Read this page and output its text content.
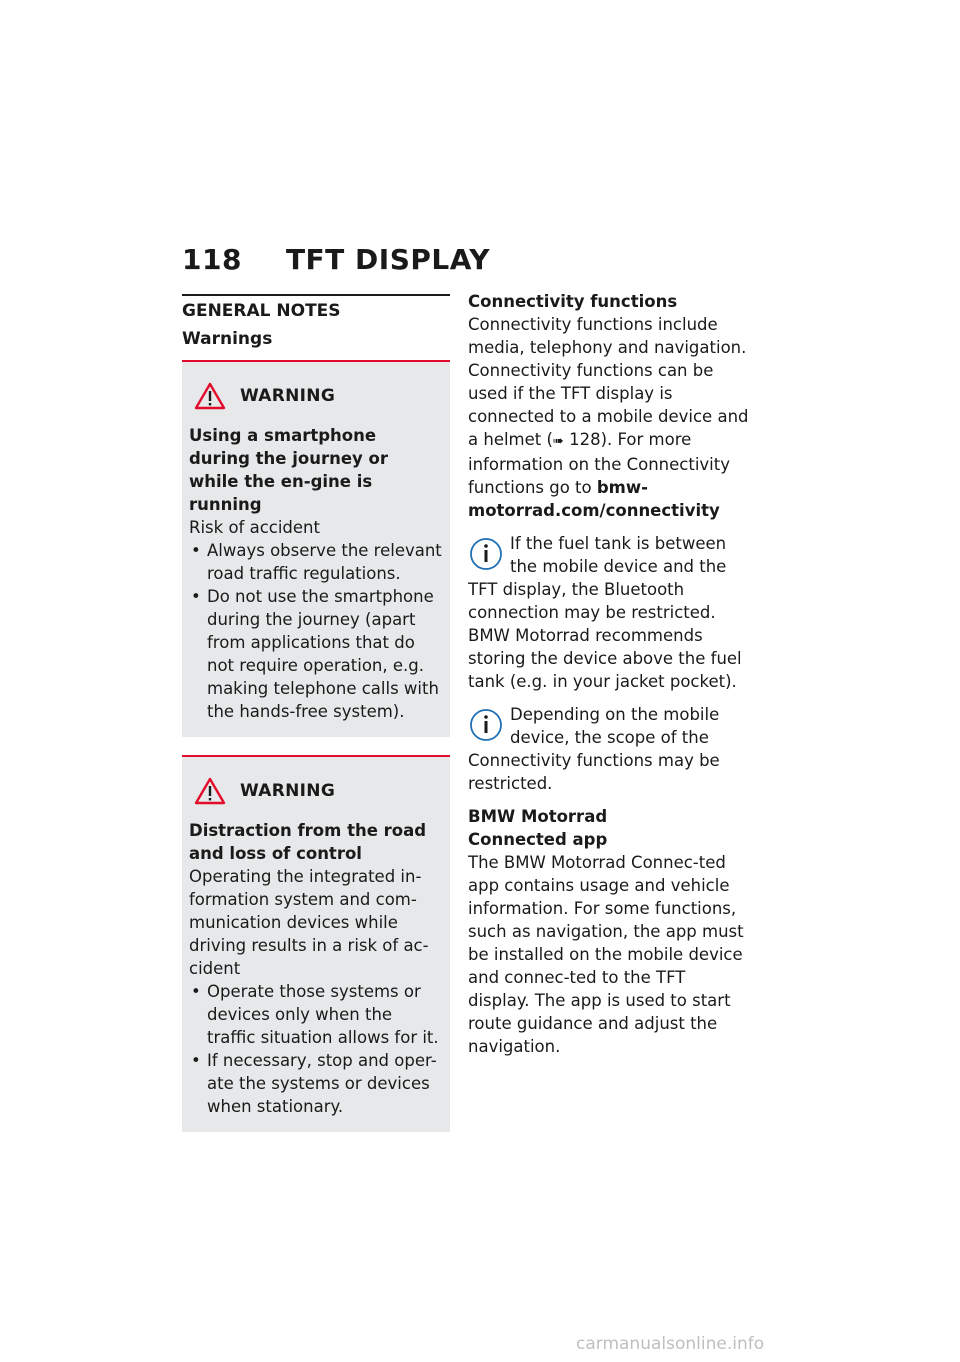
118 TFT DISPLAY
GENERAL NOTES
Warnings
WARNING
Using a smartphone during the journey or while the en-gine is running
Risk of accident
• Always observe the relevant road traffic regulations.
• Do not use the smartphone during the journey (apart from applications that do not require operation, e.g. making telephone calls with the hands-free system).
WARNING
Distraction from the road and loss of control
Operating the integrated in-formation system and com-munication devices while driving results in a risk of ac-cident
• Operate those systems or devices only when the traffic situation allows for it.
• If necessary, stop and oper-ate the systems or devices when stationary.
Connectivity functions

Connectivity functions include media, telephony and navigation. Connectivity functions can be used if the TFT display is connected to a mobile device and a helmet (➠ 128). For more information on the Connectivity functions go to bmw-motorrad.com/connectivity

If the fuel tank is between the mobile device and the TFT display, the Bluetooth connection may be restricted. BMW Motorrad recommends storing the device above the fuel tank (e.g. in your jacket pocket).

Depending on the mobile device, the scope of the Connectivity functions may be restricted.

BMW Motorrad Connected app

The BMW Motorrad Connec-ted app contains usage and vehicle information. For some functions, such as navigation, the app must be installed on the mobile device and connec-ted to the TFT display. The app is used to start route guidance and adjust the navigation.

carmanualsonline.info
